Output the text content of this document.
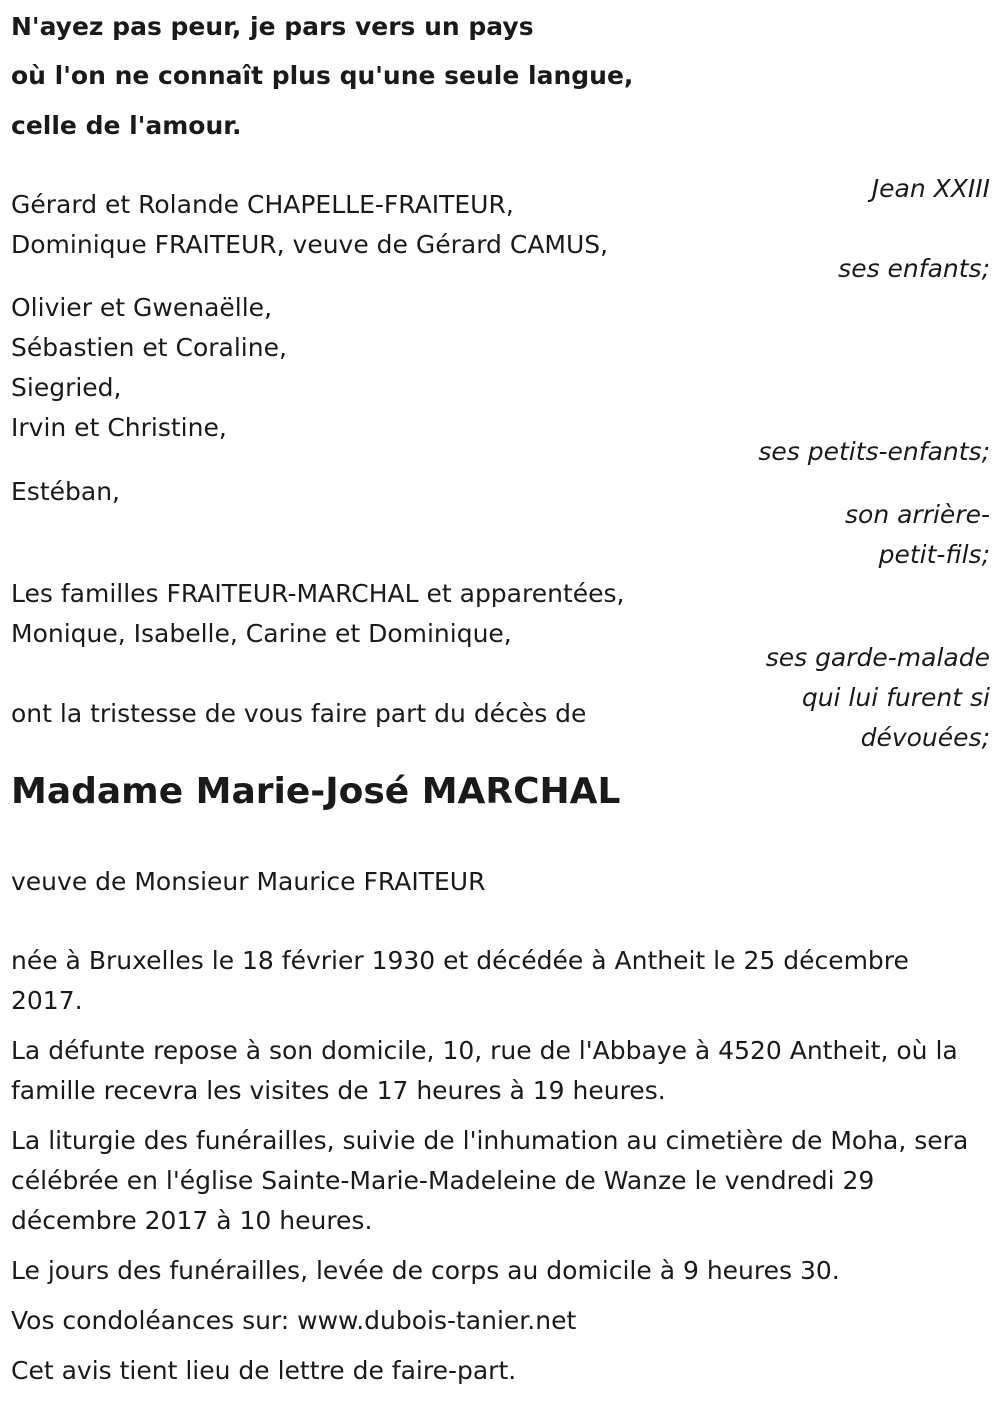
N'ayez pas peur, je pars vers un pays
où l'on ne connaît plus qu'une seule langue,
celle de l'amour.
Jean XXIII
Gérard et Rolande CHAPELLE-FRAITEUR,
Dominique FRAITEUR, veuve de Gérard CAMUS,
ses enfants;
Olivier et Gwenaëlle,
Sébastien et Coraline,
Siegried,
Irvin et Christine,
ses petits-enfants;
Estéban,
son arrière-
petit-fils;
Les familles FRAITEUR-MARCHAL et apparentées,
Monique, Isabelle, Carine et Dominique,
ses garde-malade
qui lui furent si
dévouées;
ont la tristesse de vous faire part du décès de
Madame Marie-José MARCHAL
veuve de Monsieur Maurice FRAITEUR
née à Bruxelles le 18 février 1930 et décédée à Antheit le 25 décembre 2017.
La défunte repose à son domicile, 10, rue de l'Abbaye à 4520 Antheit, où la famille recevra les visites de 17 heures à 19 heures.
La liturgie des funérailles, suivie de l'inhumation au cimetière de Moha, sera célébrée en l'église Sainte-Marie-Madeleine de Wanze le vendredi 29 décembre 2017 à 10 heures.
Le jours des funérailles, levée de corps au domicile à 9 heures 30.
Vos condoléances sur: www.dubois-tanier.net
Cet avis tient lieu de lettre de faire-part.
